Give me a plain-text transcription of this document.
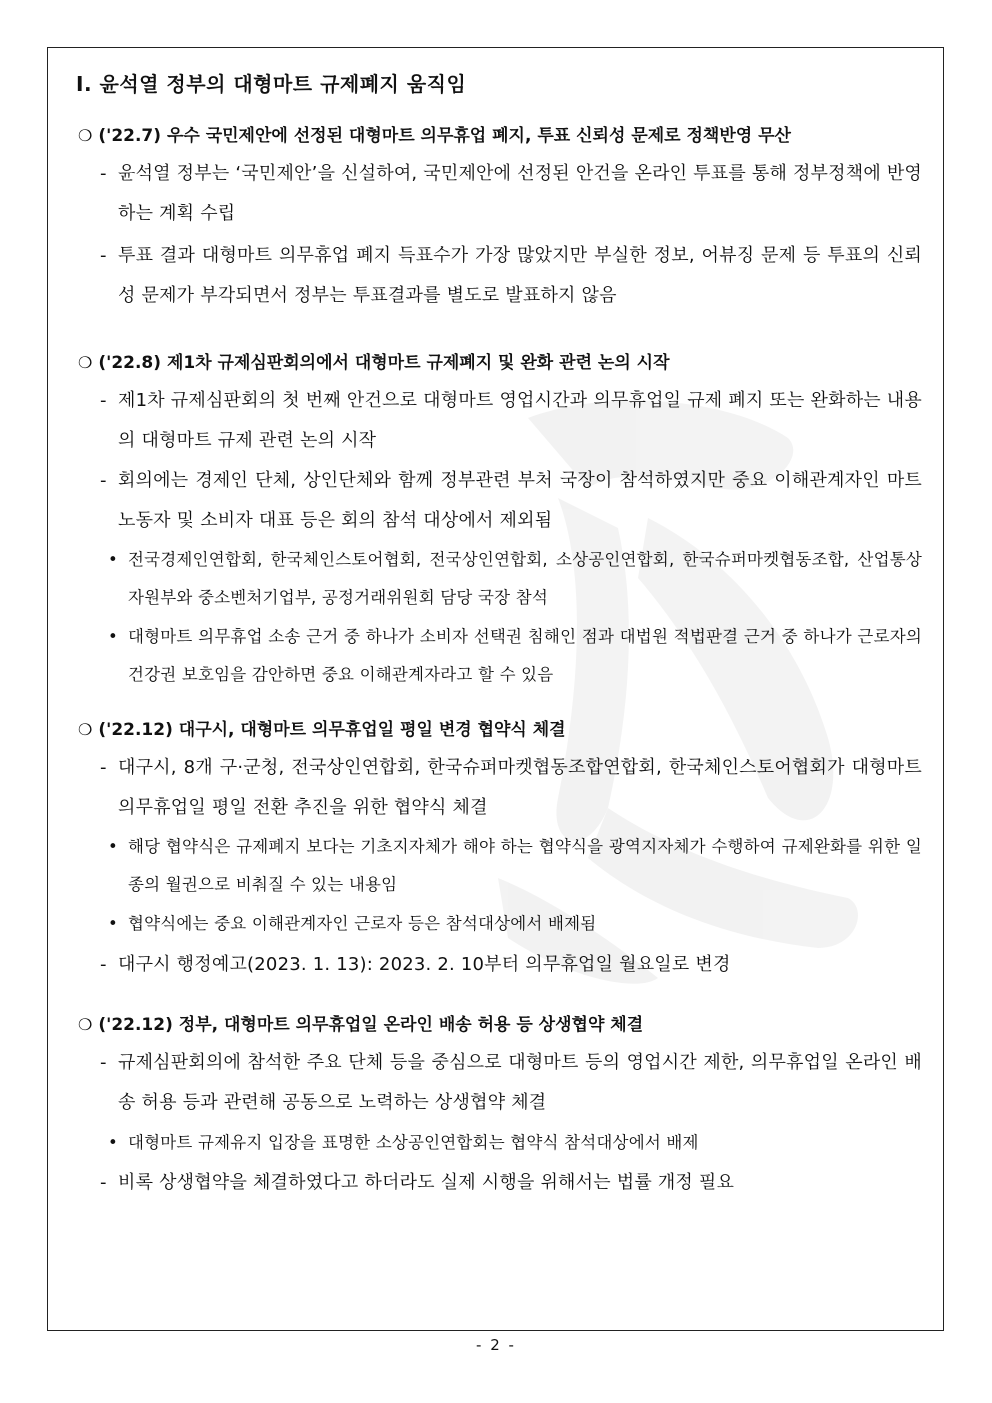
Ⅰ. 윤석열 정부의 대형마트 규제폐지 움직임
❍ ('22.7) 우수 국민제안에 선정된 대형마트 의무휴업 폐지, 투표 신뢰성 문제로 정책반영 무산
- 윤석열 정부는 ‘국민제안’을 신설하여, 국민제안에 선정된 안건을 온라인 투표를 통해 정부정책에 반영하는 계획 수립
- 투표 결과 대형마트 의무휴업 폐지 득표수가 가장 많았지만 부실한 정보, 어뷰징 문제 등 투표의 신뢰성 문제가 부각되면서 정부는 투표결과를 별도로 발표하지 않음
❍ ('22.8) 제1차 규제심판회의에서 대형마트 규제폐지 및 완화 관련 논의 시작
- 제1차 규제심판회의 첫 번째 안건으로 대형마트 영업시간과 의무휴업일 규제 폐지 또는 완화하는 내용의 대형마트 규제 관련 논의 시작
- 회의에는 경제인 단체, 상인단체와 함께 정부관련 부처 국장이 참석하였지만 중요 이해관계자인 마트 노동자 및 소비자 대표 등은 회의 참석 대상에서 제외됨
• 전국경제인연합회, 한국체인스토어협회, 전국상인연합회, 소상공인연합회, 한국슈퍼마켓협동조합, 산업통상자원부와 중소벤처기업부, 공정거래위원회 담당 국장 참석
• 대형마트 의무휴업 소송 근거 중 하나가 소비자 선택권 침해인 점과 대법원 적법판결 근거 중 하나가 근로자의 건강권 보호임을 감안하면 중요 이해관계자라고 할 수 있음
❍ ('22.12) 대구시, 대형마트 의무휴업일 평일 변경 협약식 체결
- 대구시, 8개 구·군청, 전국상인연합회, 한국슈퍼마켓협동조합연합회, 한국체인스토어협회가 대형마트 의무휴업일 평일 전환 추진을 위한 협약식 체결
• 해당 협약식은 규제폐지 보다는 기초지자체가 해야 하는 협약식을 광역지자체가 수행하여 규제완화를 위한 일종의 월권으로 비춰질 수 있는 내용임
• 협약식에는 중요 이해관계자인 근로자 등은 참석대상에서 배제됨
- 대구시 행정예고(2023. 1. 13): 2023. 2. 10부터 의무휴업일 월요일로 변경
❍ ('22.12) 정부, 대형마트 의무휴업일 온라인 배송 허용 등 상생협약 체결
- 규제심판회의에 참석한 주요 단체 등을 중심으로 대형마트 등의 영업시간 제한, 의무휴업일 온라인 배송 허용 등과 관련해 공동으로 노력하는 상생협약 체결
• 대형마트 규제유지 입장을 표명한 소상공인연합회는 협약식 참석대상에서 배제
- 비록 상생협약을 체결하였다고 하더라도 실제 시행을 위해서는 법률 개정 필요
- 2 -
